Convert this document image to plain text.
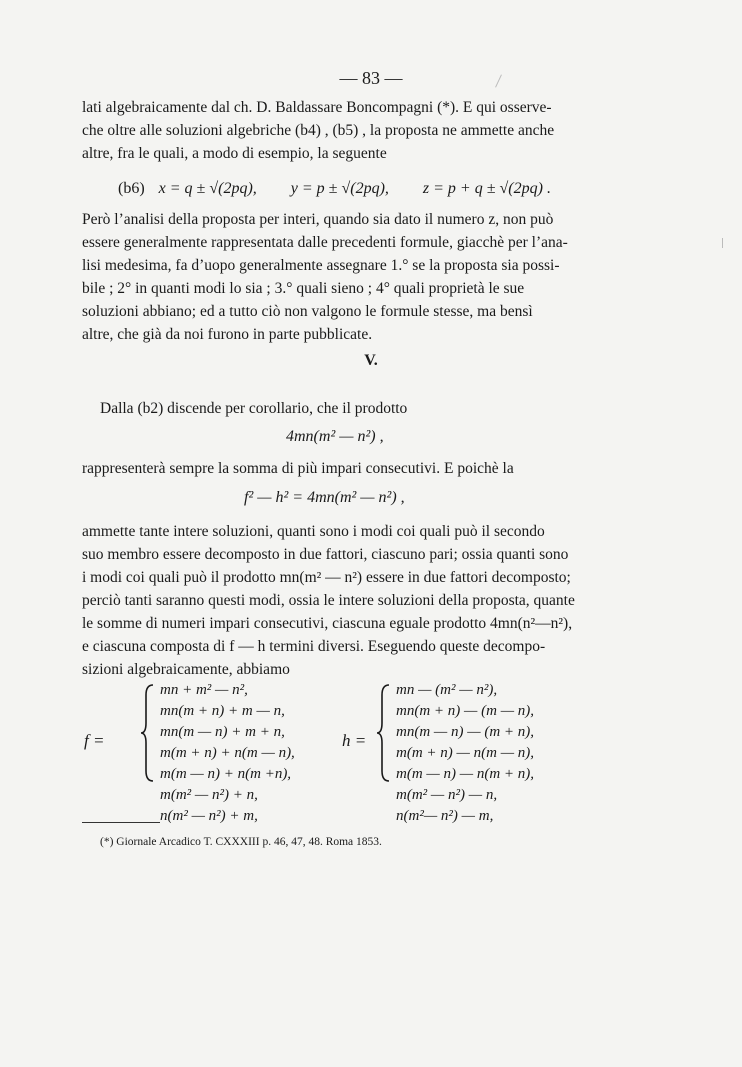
— 83 —
lati algebraicamente dal ch. D. Baldassare Boncompagni (*). E qui osserve-
che oltre alle soluzioni algebriche (b4) , (b5) , la proposta ne ammette anche
altre, fra le quali, a modo di esempio, la seguente
(b6) x = q ± √(2pq), y = p ± √(2pq), z = p + q ± √(2pq) .
Però l’analisi della proposta per interi, quando sia dato il numero z, non può
essere generalmente rappresentata dalle precedenti formule, giacchè per l’ana-
lisi medesima, fa d’uopo generalmente assegnare 1.° se la proposta sia possi-
bile ; 2° in quanti modi lo sia ; 3.° quali sieno ; 4° quali proprietà le sue
soluzioni abbiano; ed a tutto ciò non valgono le formule stesse, ma bensì
altre, che già da noi furono in parte pubblicate.
V.
Dalla (b2) discende per corollario, che il prodotto
4mn(m² — n²) ,
rappresenterà sempre la somma di più impari consecutivi. E poichè la
f² — h² = 4mn(m² — n²) ,
ammette tante intere soluzioni, quanti sono i modi coi quali può il secondo
suo membro essere decomposto in due fattori, ciascuno pari; ossia quanti sono
i modi coi quali può il prodotto mn(m² — n²) essere in due fattori decomposto;
perciò tanti saranno questi modi, ossia le intere soluzioni della proposta, quante
le somme di numeri impari consecutivi, ciascuna eguale prodotto 4mn(n²—n²),
e ciascuna composta di f — h termini diversi. Eseguendo queste decompo-
sizioni algebraicamente, abbiamo
f =
mn + m² — n²,
mn(m + n) + m — n,
mn(m — n) + m + n,
m(m + n) + n(m — n),
m(m — n) + n(m +n),
m(m² — n²) + n,
n(m² — n²) + m,
h =
mn — (m² — n²),
mn(m + n) — (m — n),
mn(m — n) — (m + n),
m(m + n) — n(m — n),
m(m — n) — n(m + n),
m(m² — n²) — n,
n(m²— n²) — m,
(*) Giornale Arcadico T. CXXXIII p. 46, 47, 48. Roma 1853.
